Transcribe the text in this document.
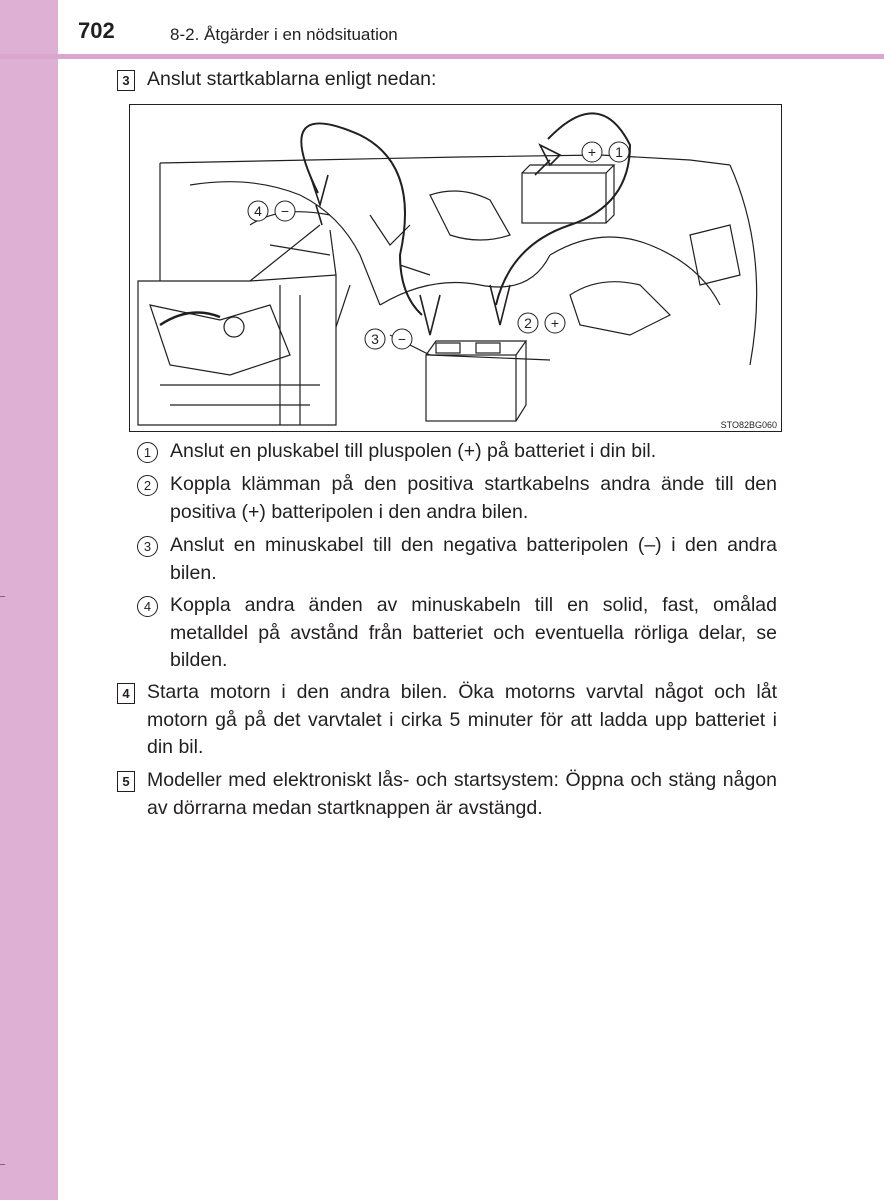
702	8-2. Åtgärder i en nödsituation
3 Anslut startkablarna enligt nedan:
+ 1
2 +
3 −
4 −
STO82BG060
1 Anslut en pluskabel till pluspolen (+) på batteriet i din bil.
2 Koppla klämman på den positiva startkabelns andra ände till den positiva (+) batteripolen i den andra bilen.
3 Anslut en minuskabel till den negativa batteripolen (–) i den andra bilen.
4 Koppla andra änden av minuskabeln till en solid, fast, omålad metalldel på avstånd från batteriet och eventuella rörliga delar, se bilden.
4 Starta motorn i den andra bilen. Öka motorns varvtal något och låt motorn gå på det varvtalet i cirka 5 minuter för att ladda upp batteriet i din bil.
5 Modeller med elektroniskt lås- och startsystem: Öppna och stäng någon av dörrarna medan startknappen är avstängd.
